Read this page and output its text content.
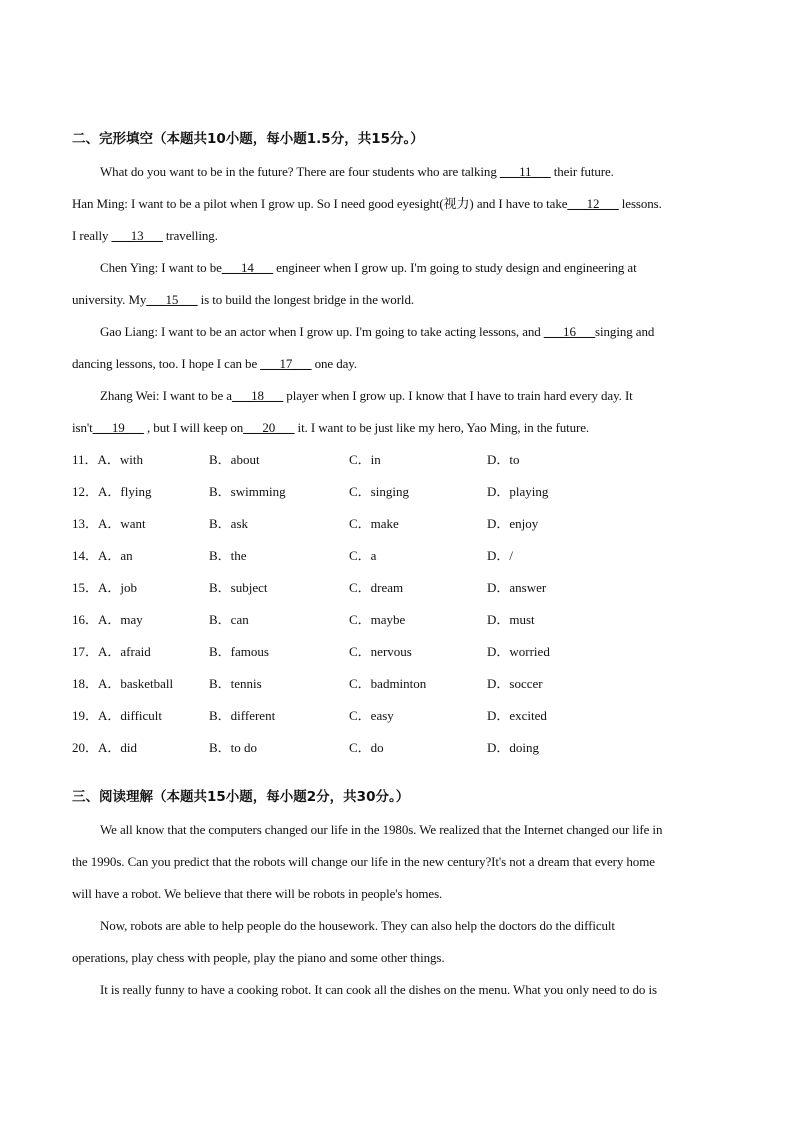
二、完形填空（本题共10小题，每小题1.5分，共15分。）
What do you want to be in the future? There are four students who are talking ___11___ their future.
Han Ming: I want to be a pilot when I grow up. So I need good eyesight(视力) and I have to take___12___ lessons.
I really ___13___ travelling.
Chen Ying: I want to be___14___ engineer when I grow up. I'm going to study design and engineering at
university. My___15___ is to build the longest bridge in the world.
Gao Liang: I want to be an actor when I grow up. I'm going to take acting lessons, and ___16___singing and
dancing lessons, too. I hope I can be ___17___ one day.
Zhang Wei: I want to be a___18___ player when I grow up. I know that I have to train hard every day. It
isn't___19___ , but I will keep on___20___ it. I want to be just like my hero, Yao Ming, in the future.
11．A．with	B．about	C．in	D．to
12．A．flying	B．swimming	C．singing	D．playing
13．A．want	B．ask	C．make	D．enjoy
14．A．an	B．the	C．a	D．/
15．A．job	B．subject	C．dream	D．answer
16．A．may	B．can	C．maybe	D．must
17．A．afraid	B．famous	C．nervous	D．worried
18．A．basketball	B．tennis	C．badminton	D．soccer
19．A．difficult	B．different	C．easy	D．excited
20．A．did	B．to do	C．do	D．doing
三、阅读理解（本题共15小题，每小题2分，共30分。）
We all know that the computers changed our life in the 1980s. We realized that the Internet changed our life in
the 1990s. Can you predict that the robots will change our life in the new century?It's not a dream that every home
will have a robot. We believe that there will be robots in people's homes.
Now, robots are able to help people do the housework. They can also help the doctors do the difficult
operations, play chess with people, play the piano and some other things.
It is really funny to have a cooking robot. It can cook all the dishes on the menu. What you only need to do is
